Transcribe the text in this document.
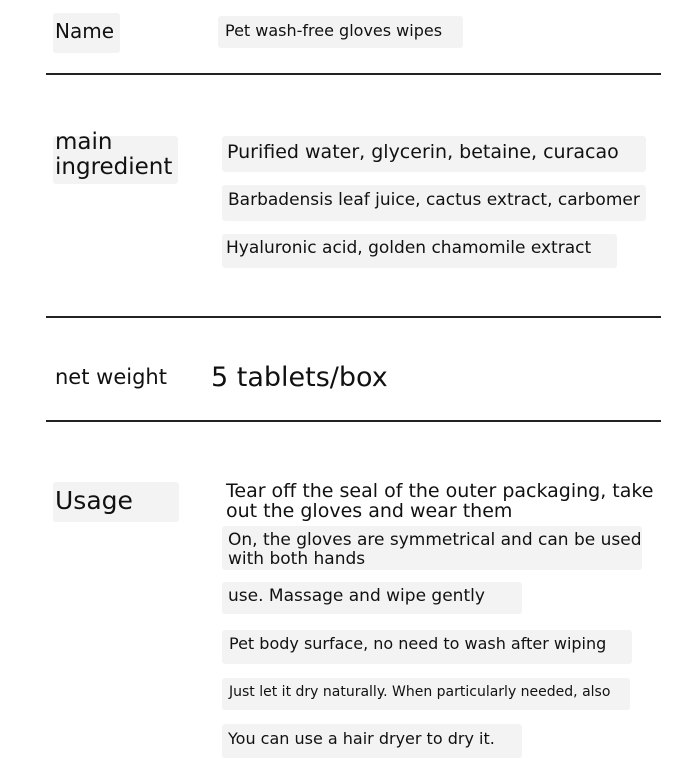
Name	Pet wash-free gloves wipes
main ingredient
Purified water, glycerin, betaine, curacao
Barbadensis leaf juice, cactus extract, carbomer
Hyaluronic acid, golden chamomile extract
net weight 5 tablets/box
Usage	Tear off the seal of the outer packaging, take out the gloves and wear them
On, the gloves are symmetrical and can be used with both hands
use. Massage and wipe gently
Pet body surface, no need to wash after wiping
Just let it dry naturally. When particularly needed, also
You can use a hair dryer to dry it.
